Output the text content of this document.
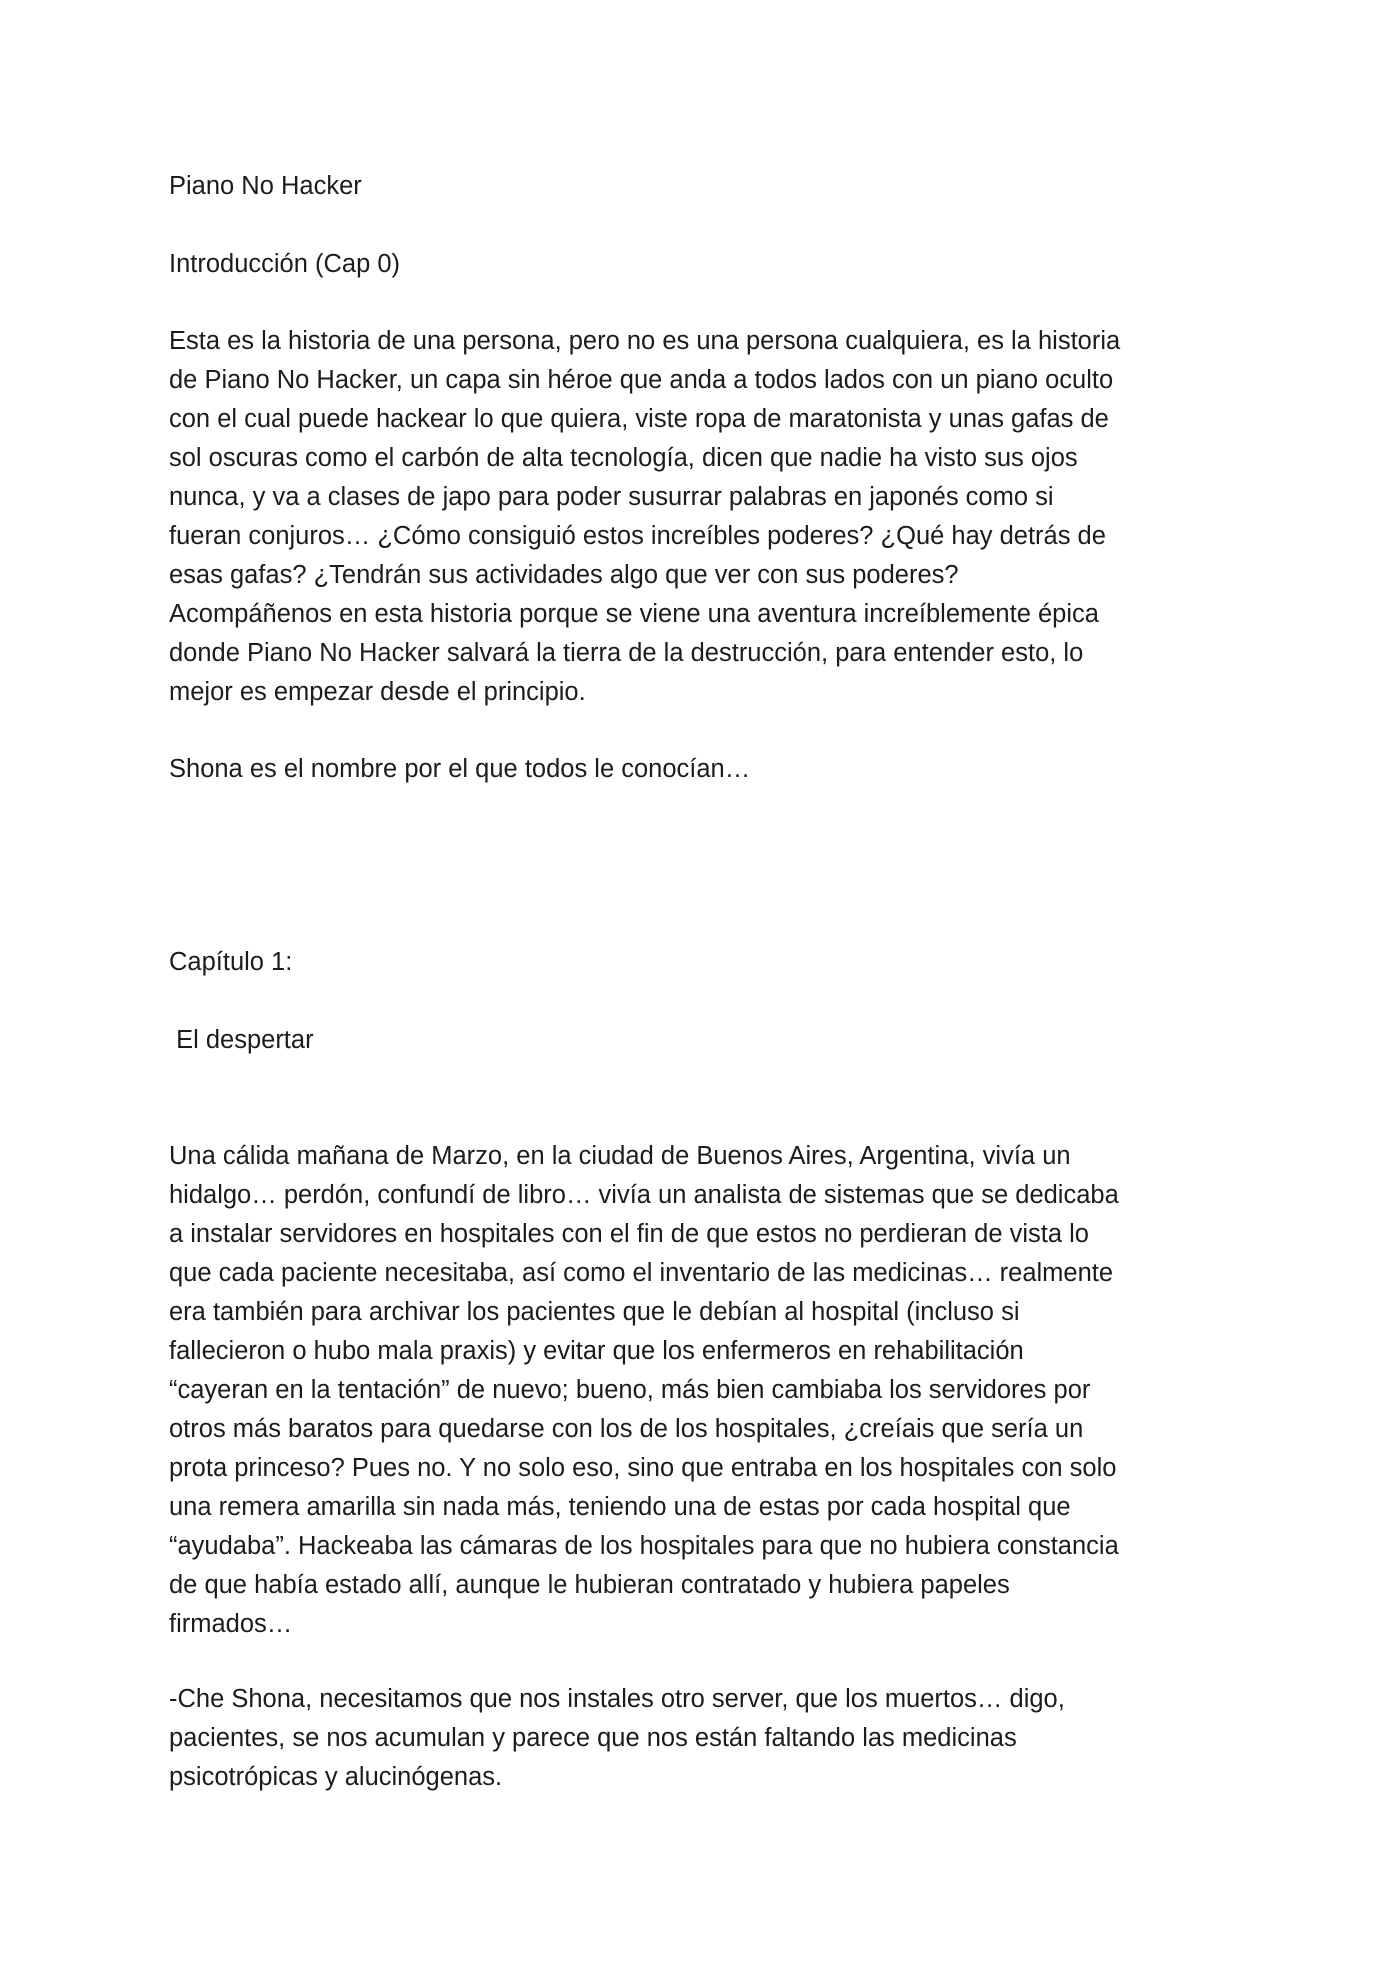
Piano No Hacker
Introducción (Cap 0)
Esta es la historia de una persona, pero no es una persona cualquiera, es la historia
de Piano No Hacker, un capa sin héroe que anda a todos lados con un piano oculto
con el cual puede hackear lo que quiera, viste ropa de maratonista y unas gafas de
sol oscuras como el carbón de alta tecnología, dicen que nadie ha visto sus ojos
nunca, y va a clases de japo para poder susurrar palabras en japonés como si
fueran conjuros… ¿Cómo consiguió estos increíbles poderes? ¿Qué hay detrás de
esas gafas? ¿Tendrán sus actividades algo que ver con sus poderes?
Acompáñenos en esta historia porque se viene una aventura increíblemente épica
donde Piano No Hacker salvará la tierra de la destrucción, para entender esto, lo
mejor es empezar desde el principio.
Shona es el nombre por el que todos le conocían…
Capítulo 1:
El despertar
Una cálida mañana de Marzo, en la ciudad de Buenos Aires, Argentina, vivía un
hidalgo… perdón, confundí de libro… vivía un analista de sistemas que se dedicaba
a instalar servidores en hospitales con el fin de que estos no perdieran de vista lo
que cada paciente necesitaba, así como el inventario de las medicinas… realmente
era también para archivar los pacientes que le debían al hospital (incluso si
fallecieron o hubo mala praxis) y evitar que los enfermeros en rehabilitación
“cayeran en la tentación” de nuevo; bueno, más bien cambiaba los servidores por
otros más baratos para quedarse con los de los hospitales, ¿creíais que sería un
prota princeso? Pues no. Y no solo eso, sino que entraba en los hospitales con solo
una remera amarilla sin nada más, teniendo una de estas por cada hospital que
“ayudaba”. Hackeaba las cámaras de los hospitales para que no hubiera constancia
de que había estado allí, aunque le hubieran contratado y hubiera papeles
firmados…
-Che Shona, necesitamos que nos instales otro server, que los muertos… digo,
pacientes, se nos acumulan y parece que nos están faltando las medicinas
psicotrópicas y alucinógenas.
